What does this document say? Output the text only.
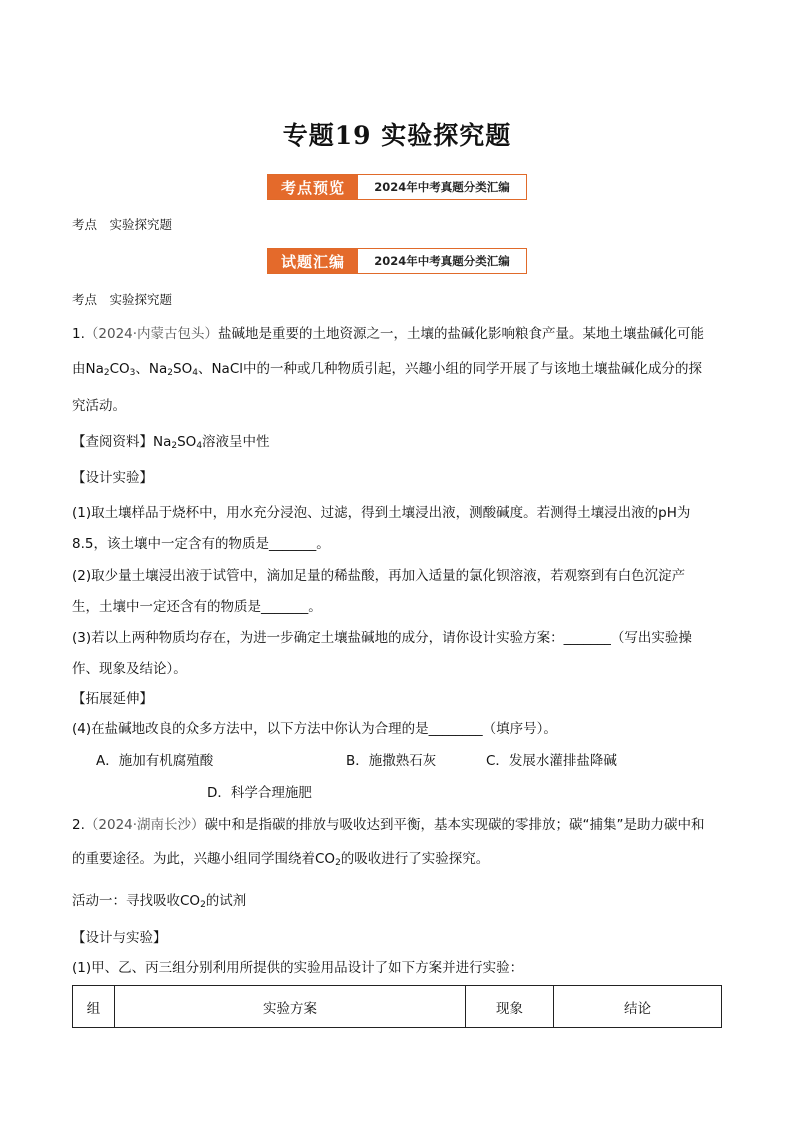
专题19 实验探究题
考点预览	2024年中考真题分类汇编
考点　实验探究题
试题汇编	2024年中考真题分类汇编
考点　实验探究题
1.（2024·内蒙古包头）盐碱地是重要的土地资源之一，土壤的盐碱化影响粮食产量。某地土壤盐碱化可能
由$Na_2CO_3$、$Na_2SO_4$、NaCl中的一种或几种物质引起，兴趣小组的同学开展了与该地土壤盐碱化成分的探
究活动。
【查阅资料】$Na_2SO_4$溶液呈中性
【设计实验】
(1)取土壤样品于烧杯中，用水充分浸泡、过滤，得到土壤浸出液，测酸碱度。若测得土壤浸出液的pH为
8.5，该土壤中一定含有的物质是_______。
(2)取少量土壤浸出液于试管中，滴加足量的稀盐酸，再加入适量的氯化钡溶液，若观察到有白色沉淀产
生，土壤中一定还含有的物质是_______。
(3)若以上两种物质均存在，为进一步确定土壤盐碱地的成分，请你设计实验方案：_______（写出实验操
作、现象及结论）。
【拓展延伸】
(4)在盐碱地改良的众多方法中，以下方法中你认为合理的是________（填序号）。
A．施加有机腐殖酸	B．施撒熟石灰	C．发展水灌排盐降碱
D．科学合理施肥
2.（2024·湖南长沙）碳中和是指碳的排放与吸收达到平衡，基本实现碳的零排放；碳“捕集”是助力碳中和
的重要途径。为此，兴趣小组同学围绕着$CO_2$的吸收进行了实验探究。
活动一：寻找吸收$CO_2$的试剂
【设计与实验】
(1)甲、乙、丙三组分别利用所提供的实验用品设计了如下方案并进行实验：
组	实验方案	现象	结论
